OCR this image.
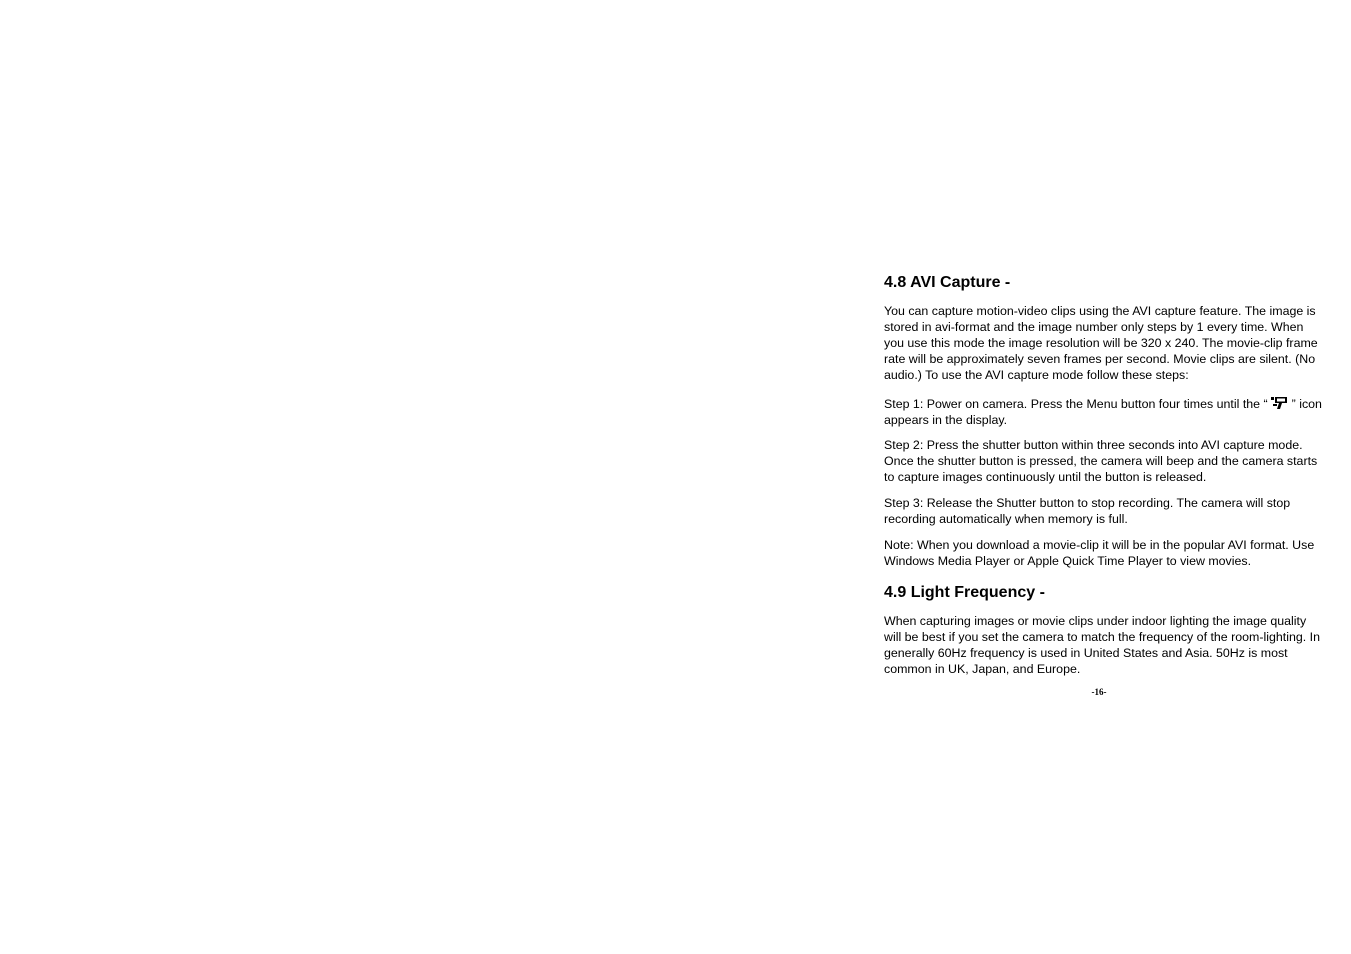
4.8 AVI Capture -

You can capture motion-video clips using the AVI capture feature. The image is stored in avi-format and the image number only steps by 1 every time. When you use this mode the image resolution will be 320 x 240. The movie-clip frame rate will be approximately seven frames per second. Movie clips are silent. (No audio.) To use the AVI capture mode follow these steps:

Step 1: Power on camera. Press the Menu button four times until the “ ” icon appears in the display.

Step 2: Press the shutter button within three seconds into AVI capture mode. Once the shutter button is pressed, the camera will beep and the camera starts to capture images continuously until the button is released.

Step 3: Release the Shutter button to stop recording. The camera will stop recording automatically when memory is full.

Note: When you download a movie-clip it will be in the popular AVI format. Use Windows Media Player or Apple Quick Time Player to view movies.

4.9 Light Frequency -

When capturing images or movie clips under indoor lighting the image quality will be best if you set the camera to match the frequency of the room-lighting. In generally 60Hz frequency is used in United States and Asia. 50Hz is most common in UK, Japan, and Europe.

-16-
